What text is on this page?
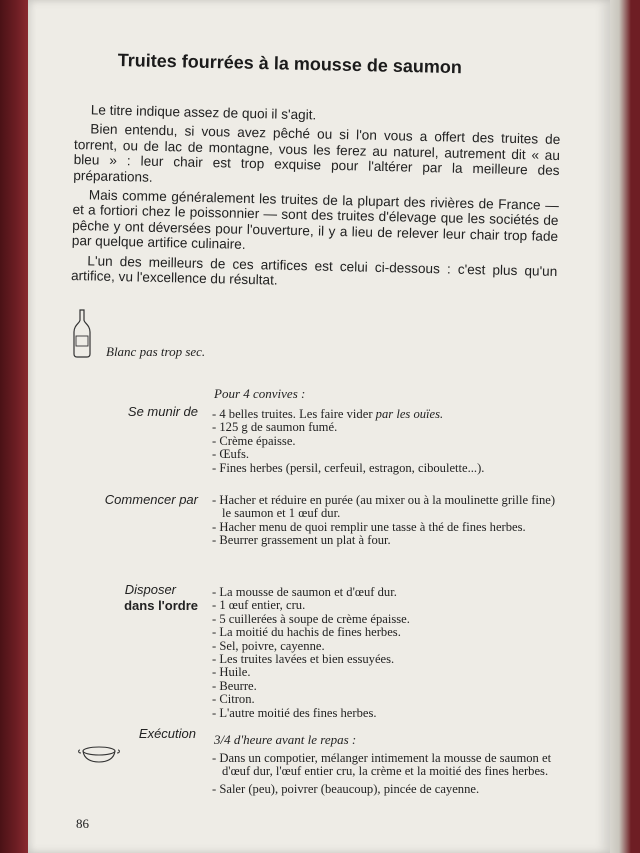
Truites fourrées à la mousse de saumon

Le titre indique assez de quoi il s'agit.

Bien entendu, si vous avez pêché ou si l'on vous a offert des truites de torrent, ou de lac de montagne, vous les ferez au naturel, autrement dit « au bleu » : leur chair est trop exquise pour l'altérer par la meilleure des préparations.

Mais comme généralement les truites de la plupart des rivières de France — et a fortiori chez le poissonnier — sont des truites d'élevage que les sociétés de pêche y ont déversées pour l'ouverture, il y a lieu de relever leur chair trop fade par quelque artifice culinaire.

L'un des meilleurs de ces artifices est celui ci-dessous : c'est plus qu'un artifice, vu l'excellence du résultat.

Blanc pas trop sec.
Pour 4 convives :
Se munir de	- 4 belles truites. Les faire vider par les ouïes.
- 125 g de saumon fumé.
- Crème épaisse.
- Œufs.
- Fines herbes (persil, cerfeuil, estragon, ciboulette...).
Commencer par	- Hacher et réduire en purée (au mixer ou à la moulinette grille fine) le saumon et 1 œuf dur.
- Hacher menu de quoi remplir une tasse à thé de fines herbes.
- Beurrer grassement un plat à four.
Disposer
dans l'ordre
- La mousse de saumon et d'œuf dur.
- 1 œuf entier, cru.
- 5 cuillerées à soupe de crème épaisse.
- La moitié du hachis de fines herbes.
- Sel, poivre, cayenne.
- Les truites lavées et bien essuyées.
- Huile.
- Beurre.
- Citron.
- L'autre moitié des fines herbes.
Exécution 3/4 d'heure avant le repas :
- Dans un compotier, mélanger intimement la mousse de saumon et d'œuf dur, l'œuf entier cru, la crème et la moitié des fines herbes.
- Saler (peu), poivrer (beaucoup), pincée de cayenne.
86
